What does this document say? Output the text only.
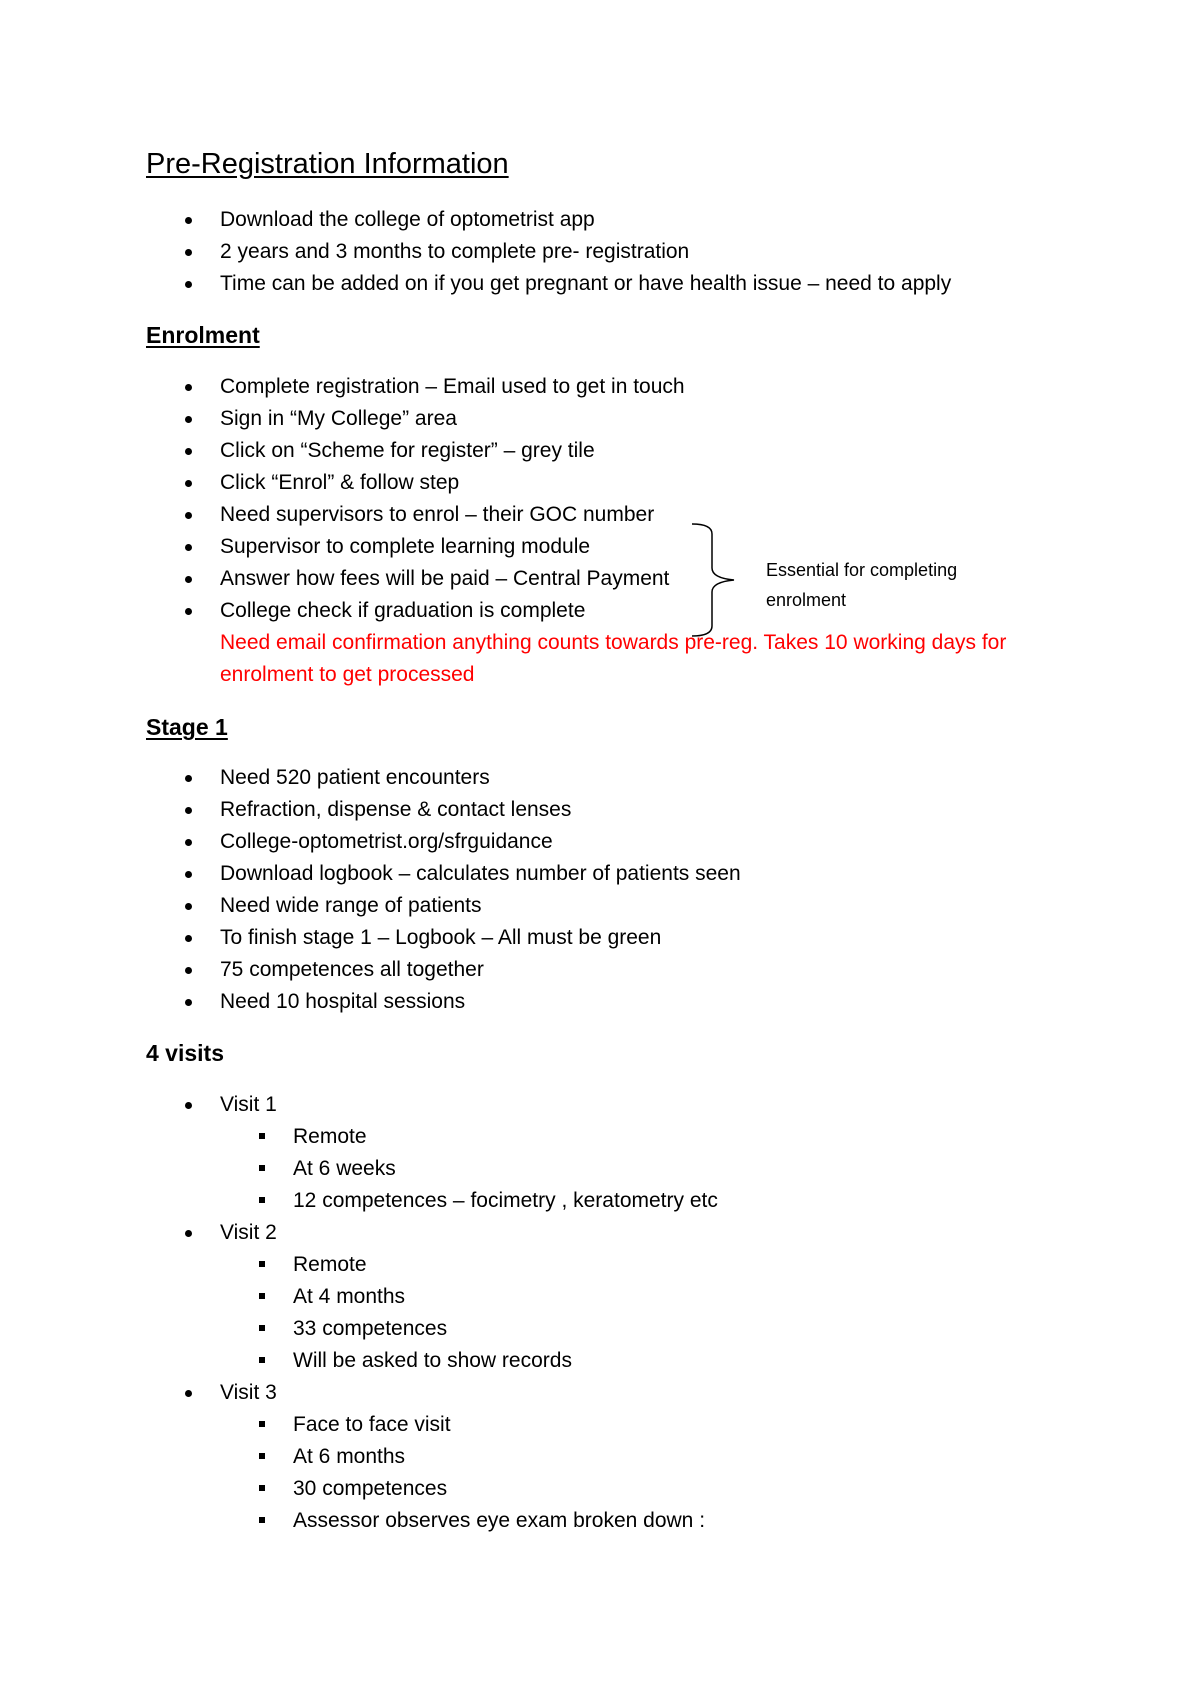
Pre-Registration Information
Download the college of optometrist app
2 years and 3 months to complete pre- registration
Time can be added on if you get pregnant or have health issue – need to apply
Enrolment
Complete registration – Email used to get in touch
Sign in “My College” area
Click on “Scheme for register” – grey tile
Click “Enrol” & follow step
Need supervisors to enrol – their GOC number
Supervisor to complete learning module
Answer how fees will be paid – Central Payment
College check if graduation is complete
Essential for completing enrolment

Need email confirmation anything counts towards pre-reg. Takes 10 working days for enrolment to get processed

Stage 1
Need 520 patient encounters
Refraction, dispense & contact lenses
College-optometrist.org/sfrguidance
Download logbook – calculates number of patients seen
Need wide range of patients
To finish stage 1 – Logbook – All must be green
75 competences all together
Need 10 hospital sessions
4 visits
Visit 1
Remote
At 6 weeks
12 competences – focimetry , keratometry etc
Visit 2
Remote
At 4 months
33 competences
Will be asked to show records
Visit 3
Face to face visit
At 6 months
30 competences
Assessor observes eye exam broken down :
